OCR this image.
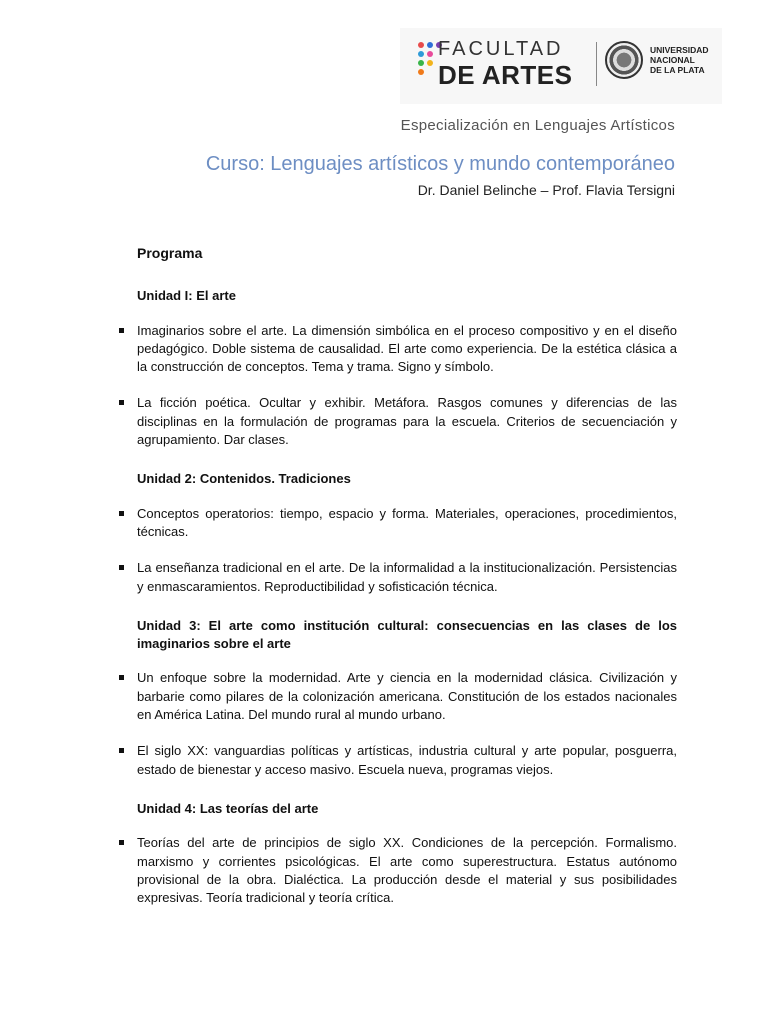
FACULTAD
DE ARTES
UNIVERSIDAD
NACIONAL
DE LA PLATA
Especialización en Lenguajes Artísticos
Curso: Lenguajes artísticos y mundo contemporáneo
Dr. Daniel Belinche – Prof. Flavia Tersigni
Programa
Unidad I: El arte
Imaginarios sobre el arte. La dimensión simbólica en el proceso compositivo y en el diseño pedagógico. Doble sistema de causalidad. El arte como experiencia. De la estética clásica a la construcción de conceptos. Tema y trama. Signo y símbolo.
La ficción poética. Ocultar y exhibir. Metáfora. Rasgos comunes y diferencias de las disciplinas en la formulación de programas para la escuela. Criterios de secuenciación y agrupamiento. Dar clases.
Unidad 2: Contenidos. Tradiciones
Conceptos operatorios: tiempo, espacio y forma. Materiales, operaciones, procedimientos, técnicas.
La enseñanza tradicional en el arte. De la informalidad a la institucionalización. Persistencias y enmascaramientos. Reproductibilidad y sofisticación técnica.
Unidad 3: El arte como institución cultural: consecuencias en las clases de los imaginarios sobre el arte
Un enfoque sobre la modernidad. Arte y ciencia en la modernidad clásica. Civilización y barbarie como pilares de la colonización americana. Constitución de los estados nacionales en América Latina. Del mundo rural al mundo urbano.
El siglo XX: vanguardias políticas y artísticas, industria cultural y arte popular, posguerra, estado de bienestar y acceso masivo. Escuela nueva, programas viejos.
Unidad 4: Las teorías del arte
Teorías del arte de principios de siglo XX. Condiciones de la percepción. Formalismo. marxismo y corrientes psicológicas. El arte como superestructura. Estatus autónomo provisional de la obra. Dialéctica. La producción desde el material y sus posibilidades expresivas. Teoría tradicional y teoría crítica.
